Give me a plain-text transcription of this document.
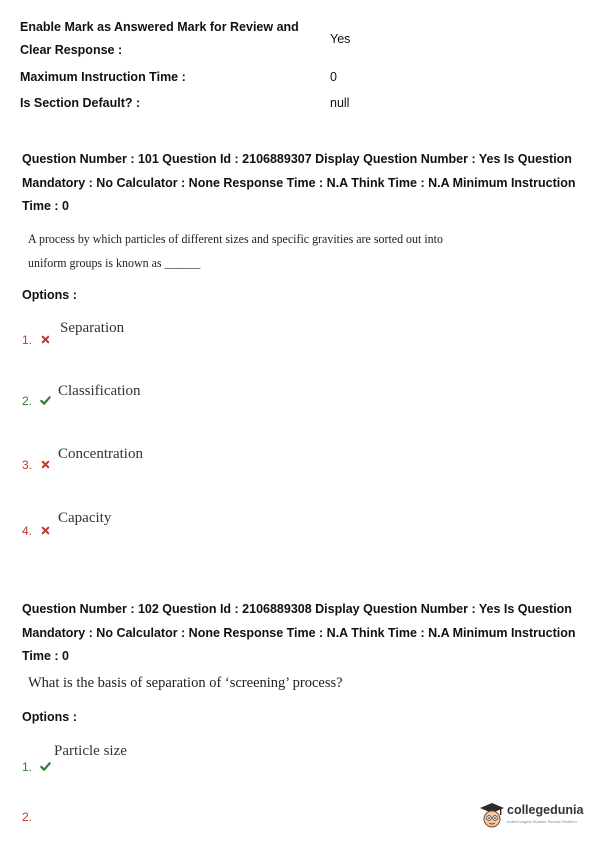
Enable Mark as Answered Mark for Review and
Clear Response :
Yes
Maximum Instruction Time :	0
Is Section Default? :	null
Question Number : 101 Question Id : 2106889307 Display Question Number : Yes Is Question
Mandatory : No Calculator : None Response Time : N.A Think Time : N.A Minimum Instruction
Time : 0
A process by which particles of different sizes and specific gravities are sorted out into
uniform groups is known as ______
Options :
1.
Separation
2.
Classification
3.
Concentration
4.
Capacity
Question Number : 102 Question Id : 2106889308 Display Question Number : Yes Is Question
Mandatory : No Calculator : None Response Time : N.A Think Time : N.A Minimum Instruction
Time : 0
What is the basis of separation of ‘screening’ process?
Options :
1.
Particle size
2.	collegedunia
India's largest Student Review Platform
